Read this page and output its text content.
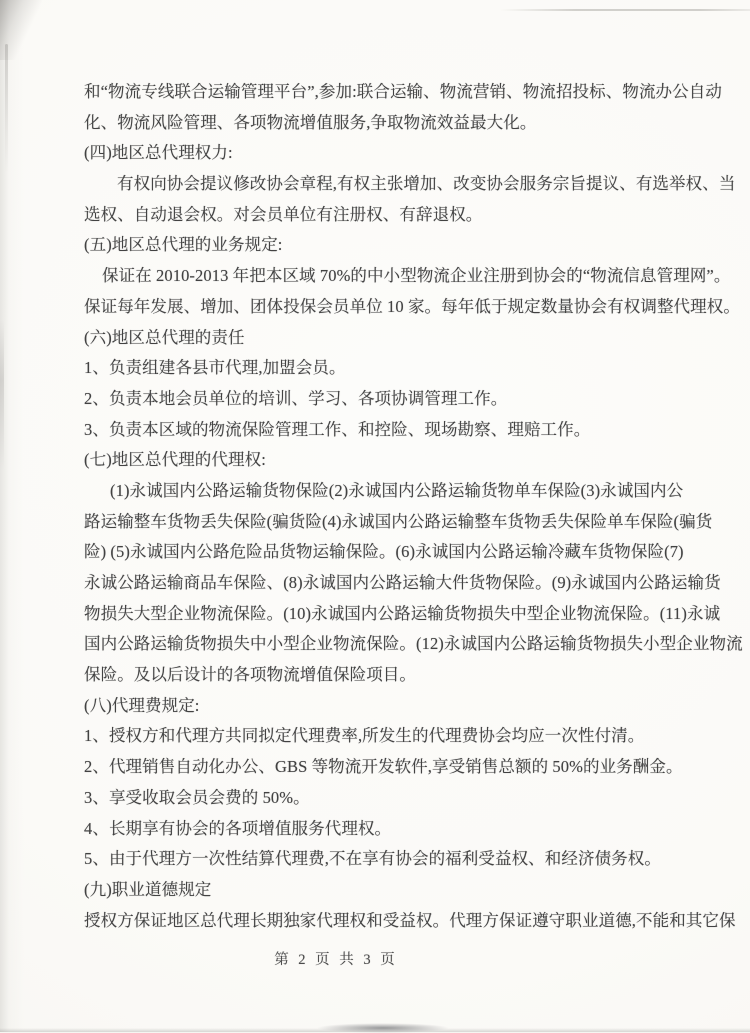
和“物流专线联合运输管理平台”,参加:联合运输、物流营销、物流招投标、物流办公自动
化、物流风险管理、各项物流增值服务,争取物流效益最大化。
(四)地区总代理权力:
有权向协会提议修改协会章程,有权主张增加、改变协会服务宗旨提议、有选举权、当
选权、自动退会权。对会员单位有注册权、有辞退权。
(五)地区总代理的业务规定:
保证在 2010-2013 年把本区域 70%的中小型物流企业注册到协会的“物流信息管理网”。
保证每年发展、增加、团体投保会员单位 10 家。每年低于规定数量协会有权调整代理权。
(六)地区总代理的责任
1、负责组建各县市代理,加盟会员。
2、负责本地会员单位的培训、学习、各项协调管理工作。
3、负责本区域的物流保险管理工作、和控险、现场勘察、理赔工作。
(七)地区总代理的代理权:
(1)永诚国内公路运输货物保险(2)永诚国内公路运输货物单车保险(3)永诚国内公
路运输整车货物丢失保险(骗货险(4)永诚国内公路运输整车货物丢失保险单车保险(骗货
险) (5)永诚国内公路危险品货物运输保险。(6)永诚国内公路运输冷藏车货物保险(7)
永诚公路运输商品车保险、(8)永诚国内公路运输大件货物保险。(9)永诚国内公路运输货
物损失大型企业物流保险。(10)永诚国内公路运输货物损失中型企业物流保险。(11)永诚
国内公路运输货物损失中小型企业物流保险。(12)永诚国内公路运输货物损失小型企业物流
保险。及以后设计的各项物流增值保险项目。
(八)代理费规定:
1、授权方和代理方共同拟定代理费率,所发生的代理费协会均应一次性付清。
2、代理销售自动化办公、GBS 等物流开发软件,享受销售总额的 50%的业务酬金。
3、享受收取会员会费的 50%。
4、长期享有协会的各项增值服务代理权。
5、由于代理方一次性结算代理费,不在享有协会的福利受益权、和经济债务权。
(九)职业道德规定
授权方保证地区总代理长期独家代理权和受益权。代理方保证遵守职业道德,不能和其它保
第 2 页 共 3 页
